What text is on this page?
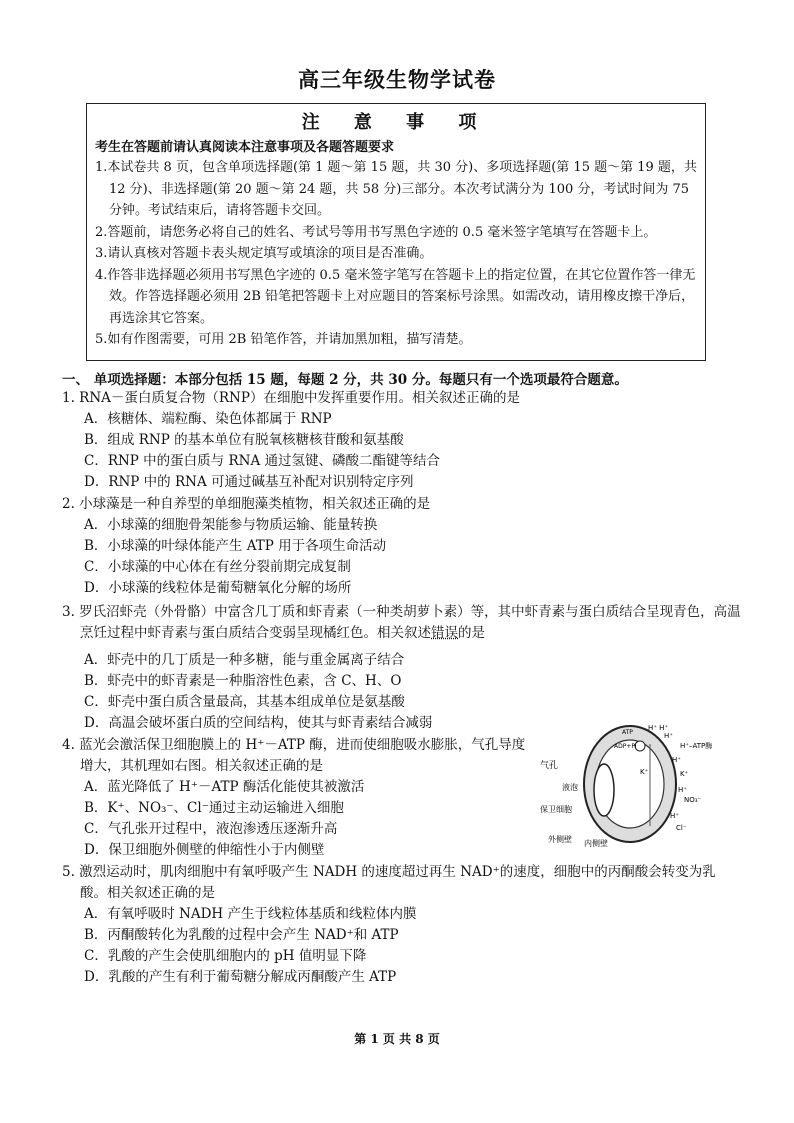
高三年级生物学试卷
注 意 事 项
考生在答题前请认真阅读本注意事项及各题答题要求
1.本试卷共 8 页，包含单项选择题(第 1 题～第 15 题，共 30 分)、多项选择题(第 15 题～第 19 题，共 12 分)、非选择题(第 20 题～第 24 题，共 58 分)三部分。本次考试满分为 100 分，考试时间为 75 分钟。考试结束后，请将答题卡交回。
2.答题前，请您务必将自己的姓名、考试号等用书写黑色字迹的 0.5 毫米签字笔填写在答题卡上。
3.请认真核对答题卡表头规定填写或填涂的项目是否准确。
4.作答非选择题必须用书写黑色字迹的 0.5 毫米签字笔写在答题卡上的指定位置，在其它位置作答一律无效。作答选择题必须用 2B 铅笔把答题卡上对应题目的答案标号涂黑。如需改动，请用橡皮擦干净后，再选涂其它答案。
5.如有作图需要，可用 2B 铅笔作答，并请加黑加粗，描写清楚。
一、 单项选择题：本部分包括 15 题，每题 2 分，共 30 分。每题只有一个选项最符合题意。
1. RNA－蛋白质复合物（RNP）在细胞中发挥重要作用。相关叙述正确的是
A．核糖体、端粒酶、染色体都属于 RNP
B．组成 RNP 的基本单位有脱氧核糖核苷酸和氨基酸
C．RNP 中的蛋白质与 RNA 通过氢键、磷酸二酯键等结合
D．RNP 中的 RNA 可通过碱基互补配对识别特定序列
2. 小球藻是一种自养型的单细胞藻类植物，相关叙述正确的是
A．小球藻的细胞骨架能参与物质运输、能量转换
B．小球藻的叶绿体能产生 ATP 用于各项生命活动
C．小球藻的中心体在有丝分裂前期完成复制
D．小球藻的线粒体是葡萄糖氧化分解的场所
3. 罗氏沼虾壳（外骨骼）中富含几丁质和虾青素（一种类胡萝卜素）等，其中虾青素与蛋白质结合呈现青色，高温烹饪过程中虾青素与蛋白质结合变弱呈现橘红色。相关叙述错误的是
A．虾壳中的几丁质是一种多糖，能与重金属离子结合
B．虾壳中的虾青素是一种脂溶性色素，含 C、H、O
C．虾壳中蛋白质含量最高，其基本组成单位是氨基酸
D．高温会破坏蛋白质的空间结构，使其与虾青素结合减弱
4. 蓝光会激活保卫细胞膜上的 H⁺－ATP 酶，进而使细胞吸水膨胀，气孔导度增大，其机理如右图。相关叙述正确的是
A．蓝光降低了 H⁺－ATP 酶活化能使其被激活
B．K⁺、NO₃⁻、Cl⁻通过主动运输进入细胞
C．气孔张开过程中，液泡渗透压逐渐升高
D．保卫细胞外侧壁的伸缩性小于内侧壁
气孔
液泡
保卫细胞
外侧壁 内侧壁
ATP
ADP+Pi
H⁺ H⁺
H⁺
H⁺–ATP酶
H⁺
K⁺	K⁺
H⁺
NO₃⁻
H⁺
Cl⁻
5. 激烈运动时，肌肉细胞中有氧呼吸产生 NADH 的速度超过再生 NAD⁺的速度，细胞中的丙酮酸会转变为乳酸。相关叙述正确的是
A．有氧呼吸时 NADH 产生于线粒体基质和线粒体内膜
B．丙酮酸转化为乳酸的过程中会产生 NAD⁺和 ATP
C．乳酸的产生会使肌细胞内的 pH 值明显下降
D．乳酸的产生有利于葡萄糖分解成丙酮酸产生 ATP
第 1 页 共 8 页
